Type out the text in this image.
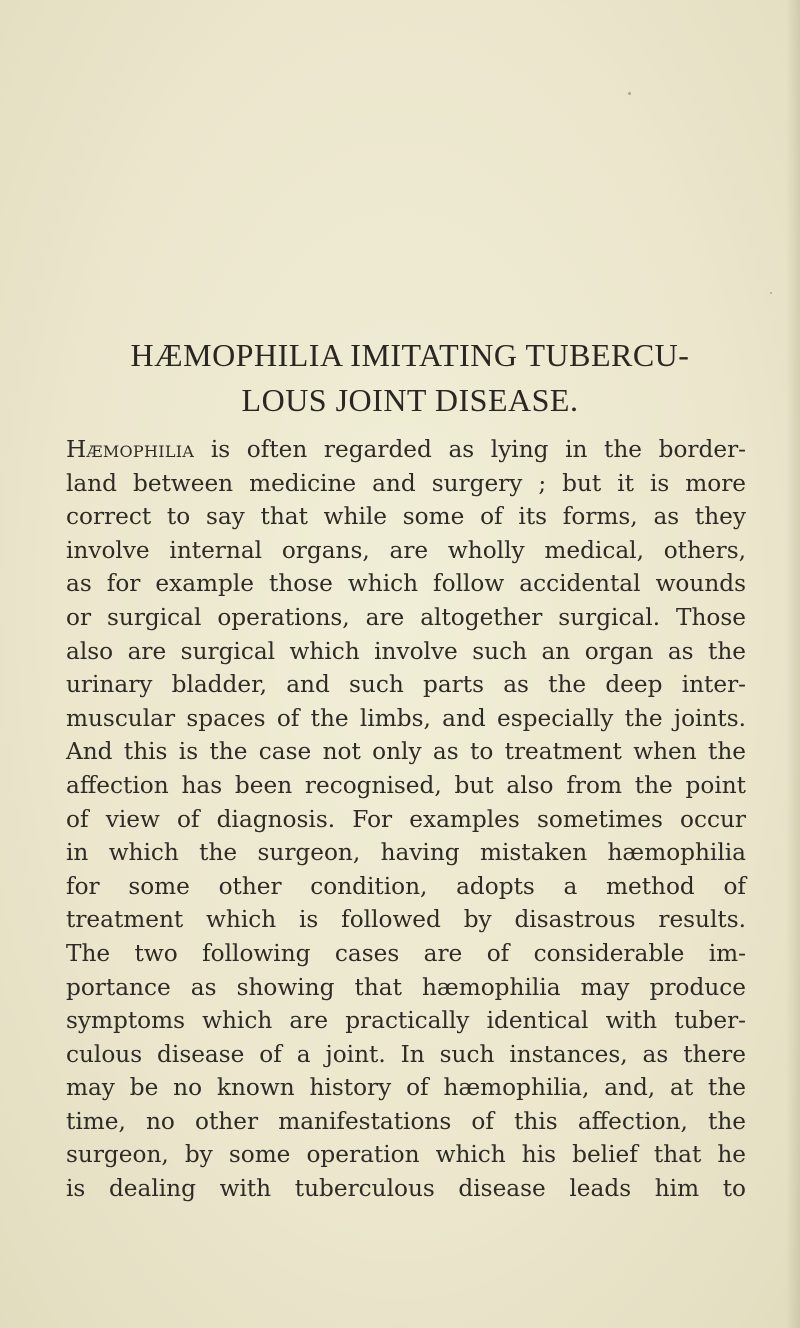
HÆMOPHILIA IMITATING TUBERCU-
LOUS JOINT DISEASE.
Hæmophilia is often regarded as lying in the border-
land between medicine and surgery ; but it is more
correct to say that while some of its forms, as they
involve internal organs, are wholly medical, others,
as for example those which follow accidental wounds
or surgical operations, are altogether surgical. Those
also are surgical which involve such an organ as the
urinary bladder, and such parts as the deep inter-
muscular spaces of the limbs, and especially the joints.
And this is the case not only as to treatment when the
affection has been recognised, but also from the point
of view of diagnosis. For examples sometimes occur
in which the surgeon, having mistaken hæmophilia
for some other condition, adopts a method of
treatment which is followed by disastrous results.
The two following cases are of considerable im-
portance as showing that hæmophilia may produce
symptoms which are practically identical with tuber-
culous disease of a joint. In such instances, as there
may be no known history of hæmophilia, and, at the
time, no other manifestations of this affection, the
surgeon, by some operation which his belief that he
is dealing with tuberculous disease leads him to
